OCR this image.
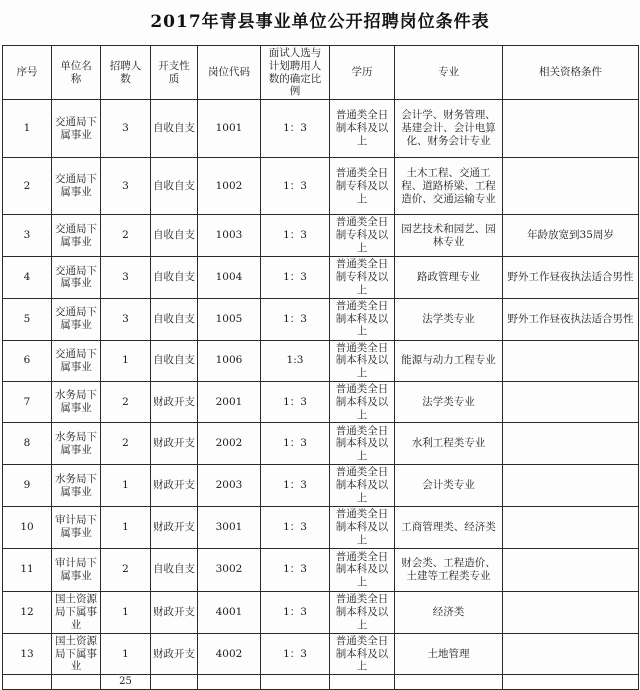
2017年青县事业单位公开招聘岗位条件表
序号	单位名称	招聘人数	开支性质	岗位代码	面试人选与计划聘用人数的确定比例	学历	专业	相关资格条件
1	交通局下属事业	3	自收自支	1001	1：3	普通类全日制本科及以上	会计学、财务管理、基建会计、会计电算化、财务会计专业	
2	交通局下属事业	3	自收自支	1002	1：3	普通类全日制专科及以上	土木工程、交通工程、道路桥梁、工程造价、交通运输专业	
3	交通局下属事业	2	自收自支	1003	1：3	普通类全日制专科及以上	园艺技术和园艺、园林专业	年龄放宽到35周岁
4	交通局下属事业	3	自收自支	1004	1：3	普通类全日制专科及以上	路政管理专业	野外工作昼夜执法适合男性
5	交通局下属事业	3	自收自支	1005	1：3	普通类全日制本科及以上	法学类专业	野外工作昼夜执法适合男性
6	交通局下属事业	1	自收自支	1006	1:3	普通类全日制本科及以上	能源与动力工程专业	
7	水务局下属事业	2	财政开支	2001	1：3	普通类全日制本科及以上	法学类专业	
8	水务局下属事业	2	财政开支	2002	1：3	普通类全日制本科及以上	水利工程类专业	
9	水务局下属事业	1	财政开支	2003	1：3	普通类全日制本科及以上	会计类专业	
10	审计局下属事业	1	财政开支	3001	1：3	普通类全日制本科及以上	工商管理类、经济类	
11	审计局下属事业	2	自收自支	3002	1：3	普通类全日制本科及以上	财会类、工程造价、土建等工程类专业	
12	国土资源局下属事业	1	财政开支	4001	1：3	普通类全日制本科及以上	经济类	
13	国土资源局下属事业	1	财政开支	4002	1：3	普通类全日制本科及以上	土地管理	
		25						
